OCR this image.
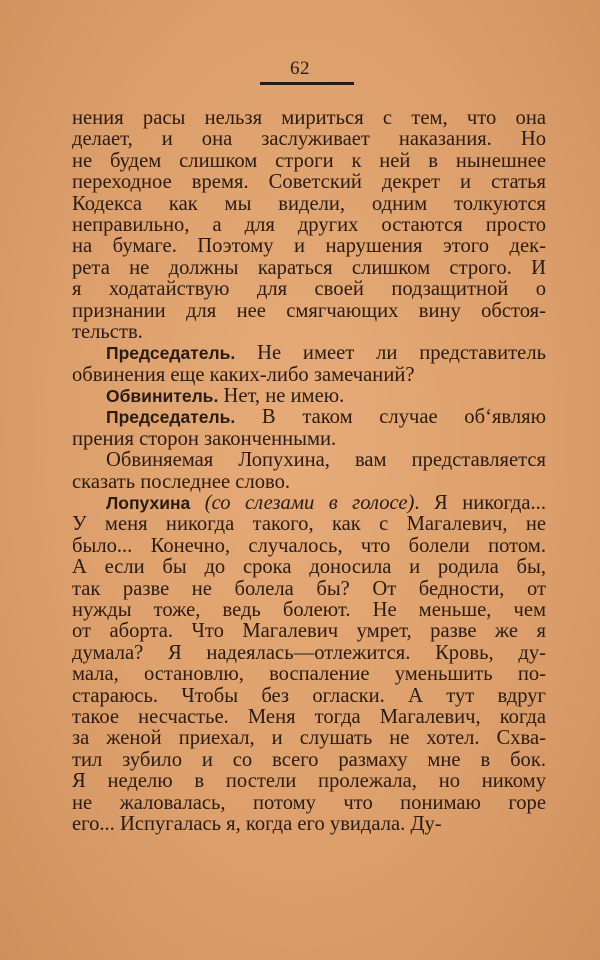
62
нения расы нельзя мириться с тем, что она
делает, и она заслуживает наказания. Но
не будем слишком строги к ней в нынешнее
переходное время. Советский декрет и статья
Кодекса как мы видели, одним толкуются
неправильно, а для других остаются просто
на бумаге. Поэтому и нарушения этого дек-
рета не должны караться слишком строго. И
я ходатайствую для своей подзащитной о
признании для нее смягчающих вину обстоя-
тельств.
Председатель. Не имеет ли представитель
обвинения еще каких-либо замечаний?
Обвинитель. Нет, не имею.
Председатель. В таком случае об‘являю
прения сторон законченными.
Обвиняемая Лопухина, вам представляется
сказать последнее слово.
Лопухина (со слезами в голосе). Я никогда...
У меня никогда такого, как с Магалевич, не
было... Конечно, случалось, что болели потом.
А если бы до срока доносила и родила бы,
так разве не болела бы? От бедности, от
нужды тоже, ведь болеют. Не меньше, чем
от аборта. Что Магалевич умрет, разве же я
думала? Я надеялась—отлежится. Кровь, ду-
мала, остановлю, воспаление уменьшить по-
стараюсь. Чтобы без огласки. А тут вдруг
такое несчастье. Меня тогда Магалевич, когда
за женой приехал, и слушать не хотел. Схва-
тил зубило и со всего размаху мне в бок.
Я неделю в постели пролежала, но никому
не жаловалась, потому что понимаю горе
его... Испугалась я, когда его увидала. Ду-
